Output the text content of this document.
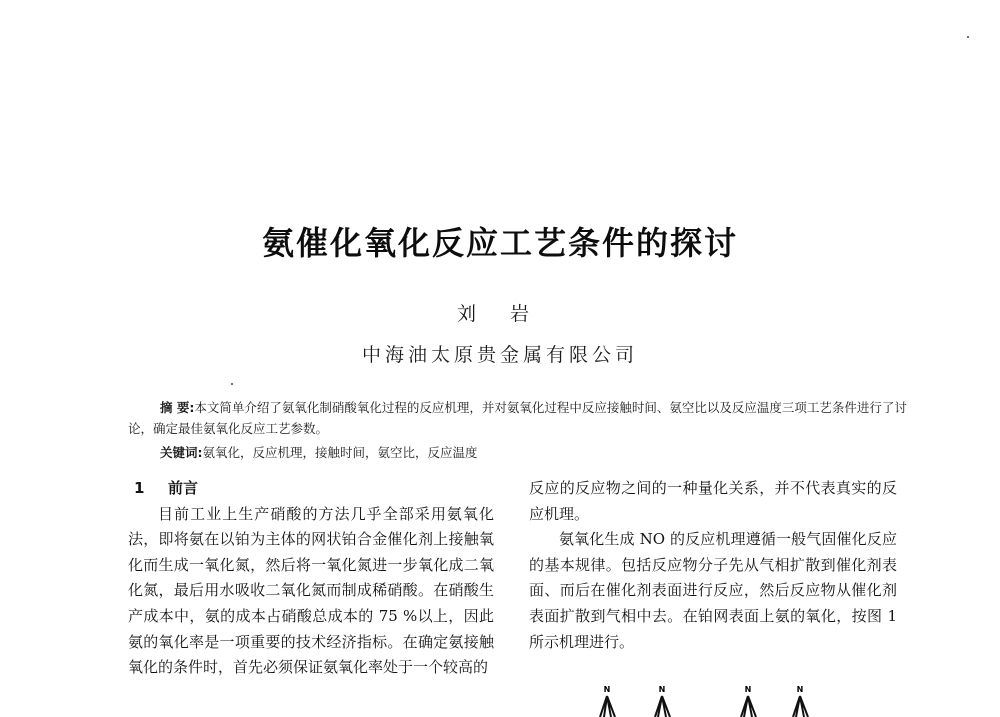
氨催化氧化反应工艺条件的探讨
刘 岩
中海油太原贵金属有限公司
摘 要:本文简单介绍了氨氧化制硝酸氧化过程的反应机理，并对氨氧化过程中反应接触时间、氨空比以及反应温度三项工艺条件进行了讨论，确定最佳氨氧化反应工艺参数。
关键词:氨氧化，反应机理，接触时间，氨空比，反应温度
1 前言

目前工业上生产硝酸的方法几乎全部采用氨氧化法，即将氨在以铂为主体的网状铂合金催化剂上接触氧化而生成一氧化氮，然后将一氧化氮进一步氧化成二氧化氮，最后用水吸收二氧化氮而制成稀硝酸。在硝酸生产成本中，氨的成本占硝酸总成本的 75 %以上，因此氨的氧化率是一项重要的技术经济指标。在确定氨接触氧化的条件时，首先必须保证氨氧化率处于一个较高的

反应的反应物之间的一种量化关系，并不代表真实的反应机理。

氨氧化生成 NO 的反应机理遵循一般气固催化反应的基本规律。包括反应物分子先从气相扩散到催化剂表面、而后在催化剂表面进行反应，然后反应物从催化剂表面扩散到气相中去。在铂网表面上氨的氧化，按图 1 所示机理进行。

N	N	N	N
